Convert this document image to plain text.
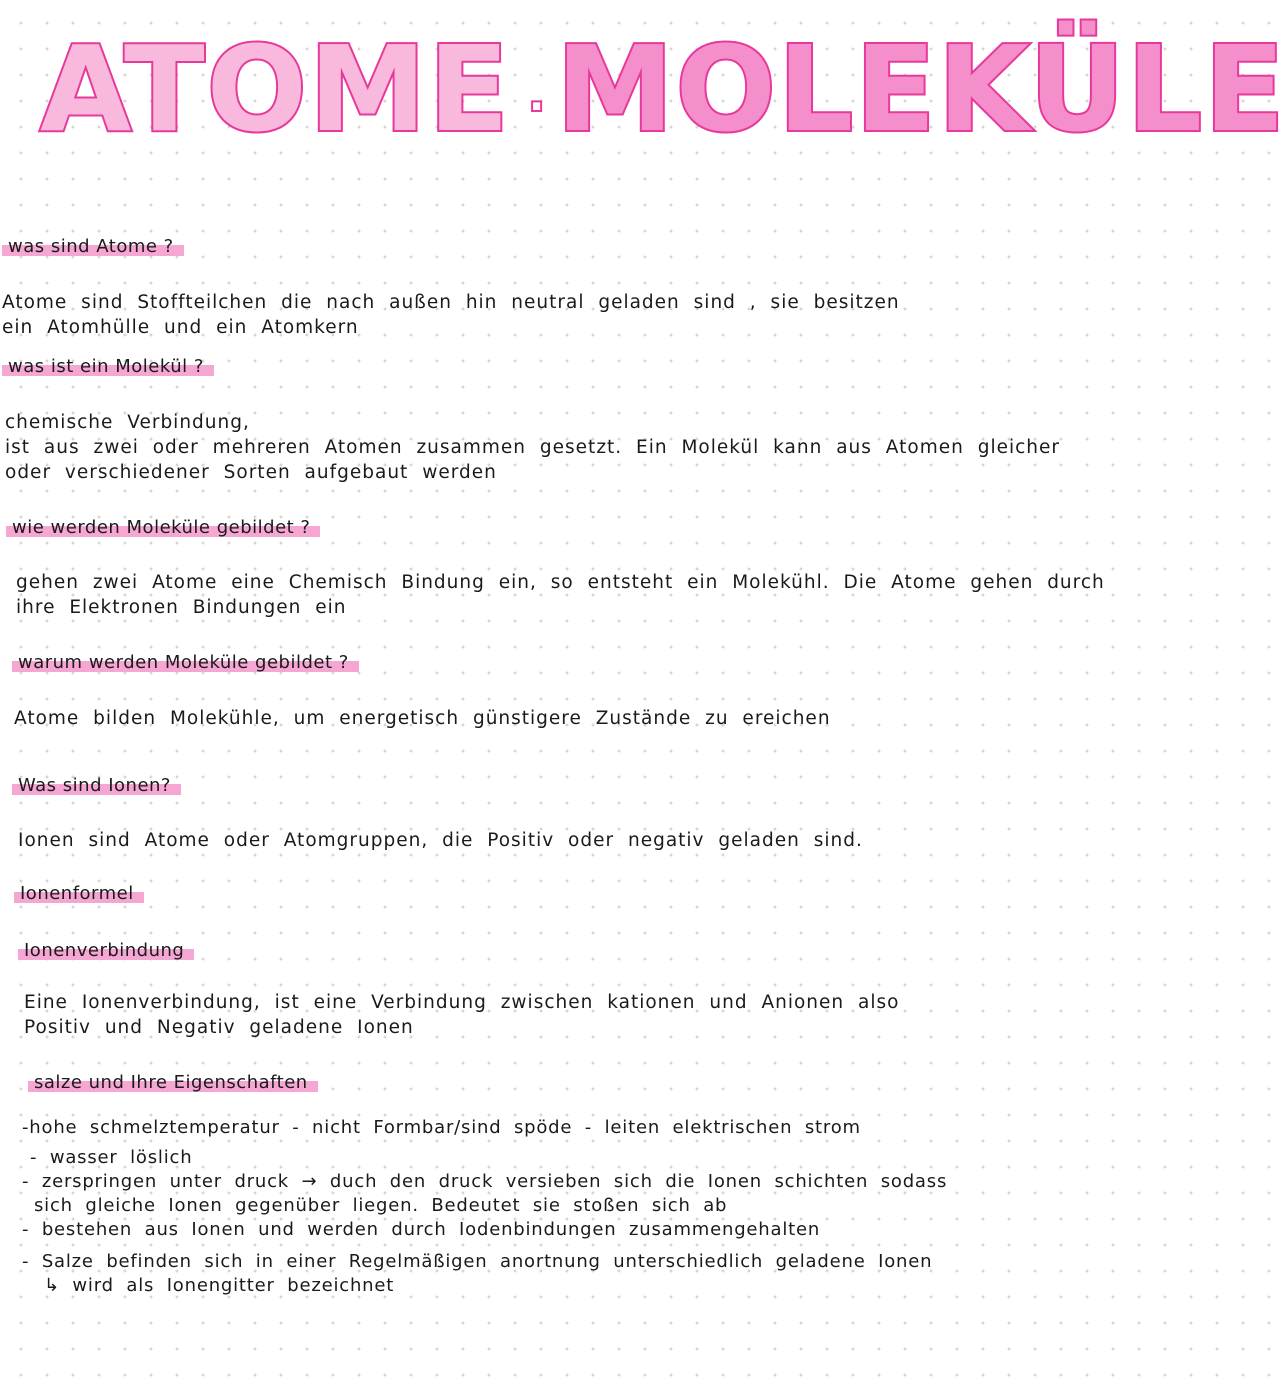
ATOME .MOLEKÜLE
was sind Atome ?
Atome sind Stoffteilchen die nach außen hin neutral geladen sind , sie besitzen
ein Atomhülle und ein Atomkern
was ist ein Molekül ?
chemische Verbindung,
ist aus zwei oder mehreren Atomen zusammen gesetzt. Ein Molekül kann aus Atomen gleicher
oder verschiedener Sorten aufgebaut werden
wie werden Moleküle gebildet ?
gehen zwei Atome eine Chemisch Bindung ein, so entsteht ein Molekühl. Die Atome gehen durch
ihre Elektronen Bindungen ein
warum werden Moleküle gebildet ?
Atome bilden Molekühle, um energetisch günstigere Zustände zu ereichen
Was sind Ionen?
Ionen sind Atome oder Atomgruppen, die Positiv oder negativ geladen sind.
Ionenformel
Ionenverbindung
Eine Ionenverbindung, ist eine Verbindung zwischen kationen und Anionen also
Positiv und Negativ geladene Ionen
salze und Ihre Eigenschaften
-hohe schmelztemperatur - nicht Formbar/sind spöde - leiten elektrischen strom
- wasser löslich
- zerspringen unter druck → duch den druck versieben sich die Ionen schichten sodass
sich gleiche Ionen gegenüber liegen. Bedeutet sie stoßen sich ab
- bestehen aus Ionen und werden durch Iodenbindungen zusammengehalten
- Salze befinden sich in einer Regelmäßigen anortnung unterschiedlich geladene Ionen
↳ wird als Ionengitter bezeichnet
